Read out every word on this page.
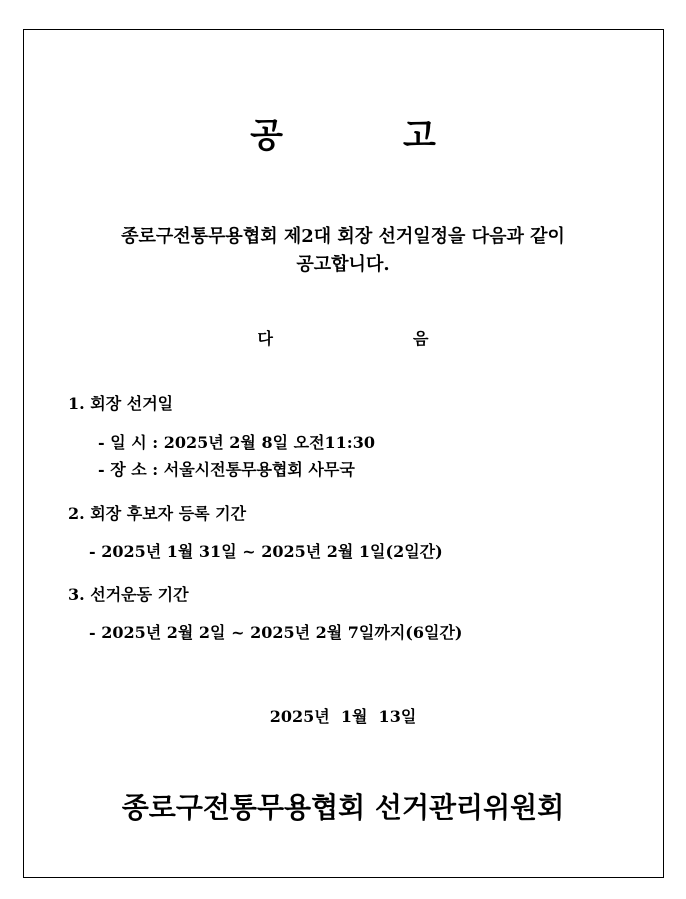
공	고
종로구전통무용협회 제2대 회장 선거일정을 다음과 같이
공고합니다.
다	음
1. 회장 선거일
- 일 시 : 2025년 2월 8일 오전11:30
- 장 소 : 서울시전통무용협회 사무국
2. 회장 후보자 등록 기간
- 2025년 1월 31일 ~ 2025년 2월 1일(2일간)
3. 선거운동 기간
- 2025년 2월 2일 ~ 2025년 2월 7일까지(6일간)
2025년  1월  13일
종로구전통무용협회 선거관리위원회
